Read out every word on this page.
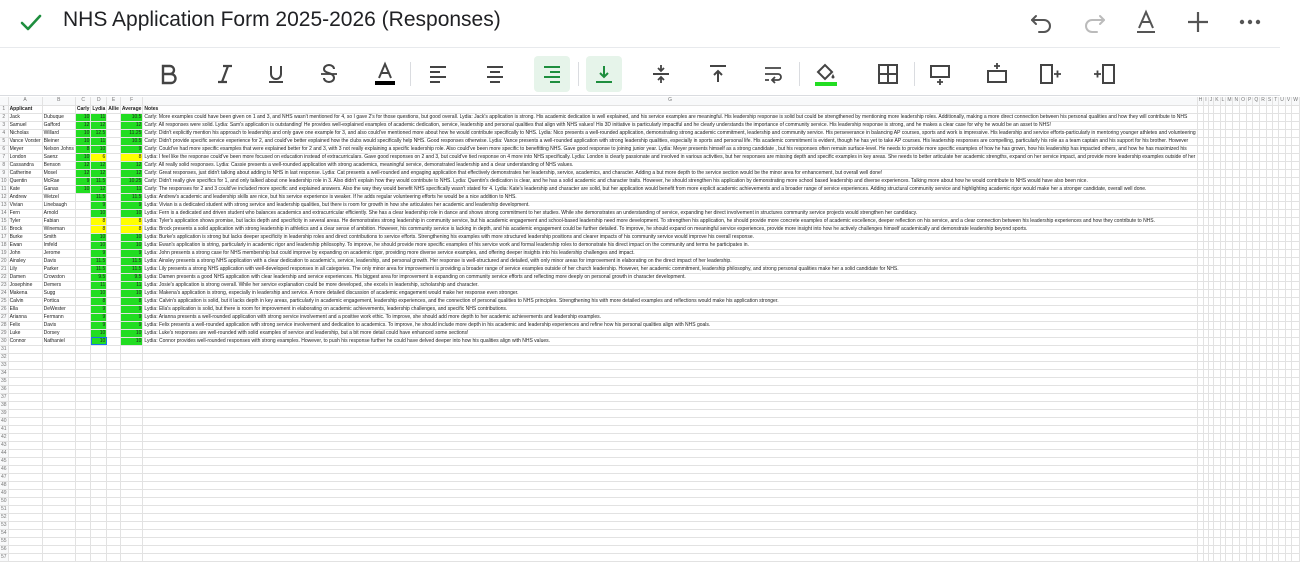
NHS Application Form 2025-2026 (Responses)
	A	B	C	D	E	F	G	H	I	J	K	L	M	N	O	P	Q	R	S	T	U	V	W
1	Applicant		Carly	Lydia	Allie	Average	Notes																
2	Jack	Dubuque	10	11		10.5	Carly: More examples could have been given on 1 and 3, and NHS wasn't mentioned for 4, so I gave 2's for those questions, but good overall. Lydia: Jack's application is strong. His academic dedication is well explained, and his service examples are meaningful. His leadership response is solid but could be strengthened by mentioning more leadership roles. Additionally, making a more direct connection between his personal qualities and how they will contribute to NHS																
3	Samuel	Gafford	12	12		12	Carly: All responses were solid. Lydia: Sam's application is outstanding! He provides well-explained examples of academic dedication, service, leadership and personal qualities that align with NHS values! His 3D initiative is particularly impactful and he clearly understands the importance of community service. His leadership response is strong, and he makes a clear case for why he would be an asset to NHS!																
4	Nicholas	Willard	10	12.5		11.25	Carly: Didn't explicitly mention his approach to leadership and only gave one example for 3, and also could've mentioned more about how he would contribute specifically to NHS. Lydia: Nico presents a well-rounded application, demonstrating strong academic commitment, leadership and community service. His perseverance in balancing AP courses, sports and work is impressive. His leadership and service efforts-particularly in mentoring younger athletes and volunteering																
5	Vance Vorster	Bleiner	10	11		10.5	Carly: Didn't provide specific service experience for 2, and could've better explained how the clubs would specifically help NHS. Good responses otherwise. Lydia: Vance presents a well-rounded application with strong leadership qualities, especially in sports and personal life. His academic commitment is evident, though he has yet to take AP courses. His leadership responses are compelling, particularly his role as a team captain and his support for his brother. However																
6	Meyer	Nelson Johns	8	10		9	Carly: Could've had more specific examples that were explained better for 2 and 3, with 3 not really explaining a specific leadership role. Also could've been more specific to benefitting NHS. Gave good response to joining junior year. Lydia: Meyer presents himself as a strong candidate , but his responses often remain surface-level. He needs to provide more specific examples of how he has grown, how his leadership has impacted others, and how he has maximized his																
7	London	Saenz	10	6		8	Lydia: I feel like the response could've been more focused on education instead of extracurriculars. Gave good responses on 2 and 3, but could've tied response on 4 more into NHS specifically. Lydia: London is clearly passionate and involved in various activities, but her responses are missing depth and specific examples in key areas. She needs to better articulate her academic strengths, expand on her service impact, and provide more leadership examples outside of her																
8	Cassandra	Benson	12	12		12	Carly: All really solid responses. Lydia: Cassie presents a well-rounded application with strong academics, meaningful service, demonstrated leadership and a clear understanding of NHS values.																
9	Catherine	Mosel	12	12		12	Carly: Great responses, just didn't talking about adding to NHS in last response. Lydia: Cat presents a well-rounded and engaging application that effectively demonstrates her leadership, service, academics, and character. Adding a but more depth to the service section would be the minor area for enhancement, but overall well done!																
10	Quentin	McRae	9	11.5		10.25	Carly: Didn't really give specifics for 1, and only talked about one leadership role in 3. Also didn't explain how they would contribute to NHS. Lydia: Quentin's dedication is clear, and he has a solid academic and character traits. However, he should strengthen his application by demonstrating more school based leadership and diverse experiences. Talking more about how he would contribute to NHS would have also been nice.																
11	Kate	Ganas	10	12		11	Carly: The responses for 2 and 3 could've included more specific and explained answers. Also the way they would benefit NHS specifically wasn't stated for 4. Lydia: Kate's leadership and character are solid, but her application would benefit from more explicit academic achievements and a broader range of service experiences. Adding structural community service and highlighting academic rigor would make her a stronger candidate, overall well done.																
12	Andrew	Wetzel		11.5		11.5	Lydia: Andrew's academic and leadership skills are nice, but his service experience is weaker. If he adds regular volunteering efforts he would be a nice addition to NHS.																
13	Vivian	Linebaugh		9		9	Lydia: Vivian is a dedicated student with strong service and leadership qualities, but there is room for growth in how she articulates her academic and leadership development.																
14	Fern	Arnold		10		10	Lydia: Fern is a dedicated and driven student who balances academics and extracurricular efficiently. She has a clear leadership role in dance and shows strong commitment to her studies. While she demonstrates an understanding of service, expanding her direct involvement in structures community service projects would strengthen her candidacy.																
15	Tyler	Fabian		8		8	Lydia: Tyler's application shows promise, but lacks depth and specificity in several areas. He demonstrates strong leadership in community service, but his academic engagement and school-based leadership need more development. To strengthen his application, he should provide more concrete examples of academic excellence, deeper reflection on his service, and a clear connection between his leadership experiences and how they contribute to NHS.																
16	Brock	Wineman		8		8	Lydia: Brock presents a solid application with strong leadership in athletics and a clear sense of ambition. However, his community service is lacking in depth, and his academic engagement could be further detailed. To improve, he should expand on meaningful service experiences, provide more insight into how he actively challenges himself academically and demonstrate leadership beyond sports.																
17	Burke	Smith		10		10	Lydia: Burke's application is strong but lacks deeper specificity in leadership roles and direct contributions to service efforts. Strengthening his examples with more structured leadership positions and clearer impacts of his community service would improve his overall response.																
18	Ewan	Imfeld		10		10	Lydia: Ewan's application is string, particularly in academic rigor and leadership philosophy. To improve, he should provide more specific examples of his service work and formal leadership roles to demonstrate his direct impact on the community and terms he participates in.																
19	John	Jerome		9		9	Lydia: John presents a strong case for NHS membership but could improve by expanding on academic rigor, providing more diverse service examples, and offering deeper insights into his leadership challenges and impact.																
20	Ainsley	Davis		11.5		11.5	Lydia: Ainsley presents a strong NHS application with a clear dedication to academic's, service, leadership, and personal growth. Her response is well-structured and detailed, with only minor areas for improvement in elaborating on the direct impact of her leadership.																
21	Lily	Parker		11.5		11.5	Lydia: Lily presents a strong NHS application with well-developed responses in all categories. The only minor area for improvement is providing a broader range of service examples outside of her church leadership. However, her academic commitment, leadership philosophy, and strong personal qualities make her a solid candidate for NHS.																
22	Damen	Crowston		9.5		9.5	Lydia: Damen presents a good NHS application with clear leadership and service experiences. His biggest area for improvement is expanding on community service efforts and reflecting more deeply on personal growth in character development.																
23	Josephine	Demers		11		11	Lydia: Josie's application is strong overall. While her service explanation could be more developed, she excels in leadership, scholarship and character.																
24	Makena	Sugg		10		10	Lydia: Makena's application is strong, especially in leadership and service. A more detailed discussion of academic engagement would make her response even stronger.																
25	Calvin	Portica		8		8	Lydia: Calvin's application is solid, but it lacks depth in key areas, particularly in academic engagement, leadership experiences, and the connection of personal qualities to NHS principles. Strengthening his with more detailed examples and reflections would make his application stronger.																
26	Ella	DeWester		9		9	Lydia: Ella's application is solid, but there is room for improvement in elaborating on academic achievements, leadership challenges, and specific NHS contributions.																
27	Arianna	Fermann		9		9	Lydia: Arianna presents a well-rounded application with strong service involvement and a positive work ethic. To improve, she should add more depth to her academic achievements and leadership examples.																
28	Felix	Davis		9		9	Lydia: Felix presents a well-rounded application with strong service involvement and dedication to academics. To improve, he should include more depth in his academic and leadership experiences and refine how his personal qualities align with NHS goals.																
29	Luke	Dorsey		10		10	Lydia: Luke's responses are well-rounded with solid examples of service and leadership, but a bit more detail could have enhanced some sections!																
30	Connor	Nathaniel		10		10	Lydia: Connor provides well-rounded responses with strong examples. However, to push his response further he could have delved deeper into how his qualities align with NHS values.																
31																							
32																							
33																							
34																							
35																							
36																							
37																							
38																							
39																							
40																							
41																							
42																							
43																							
44																							
45																							
46																							
47																							
48																							
49																							
50																							
51																							
52																							
53																							
54																							
55																							
56																							
57																							
